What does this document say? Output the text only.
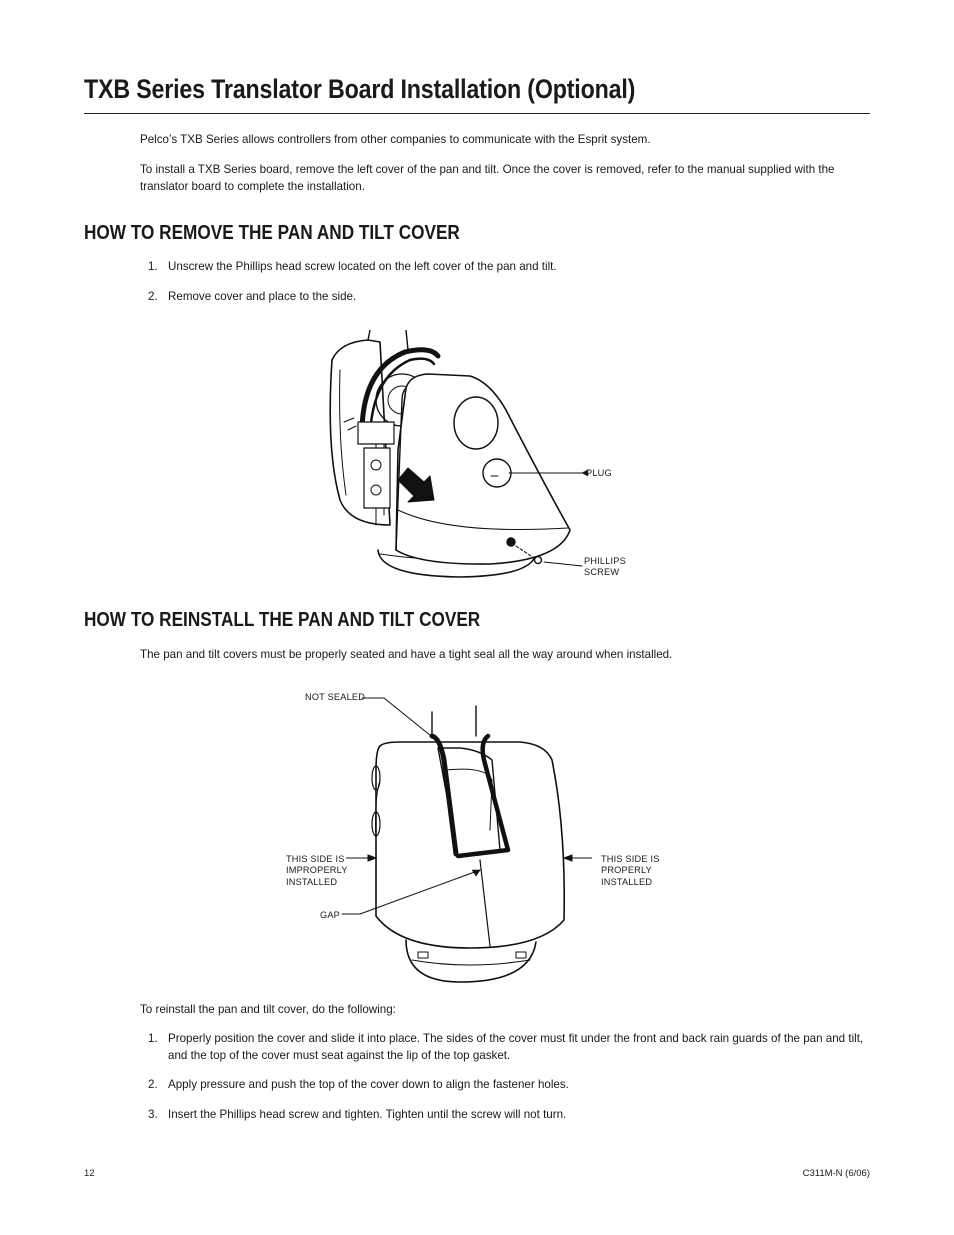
TXB Series Translator Board Installation (Optional)

Pelco’s TXB Series allows controllers from other companies to communicate with the Esprit system.

To install a TXB Series board, remove the left cover of the pan and tilt. Once the cover is removed, refer to the manual supplied with the translator board to complete the installation.

HOW TO REMOVE THE PAN AND TILT COVER
1. Unscrew the Phillips head screw located on the left cover of the pan and tilt.
2. Remove cover and place to the side.
PLUG
PHILLIPS
SCREW
HOW TO REINSTALL THE PAN AND TILT COVER

The pan and tilt covers must be properly seated and have a tight seal all the way around when installed.

NOT SEALED
THIS SIDE IS
IMPROPERLY
INSTALLED
THIS SIDE IS
PROPERLY
INSTALLED
GAP

To reinstall the pan and tilt cover, do the following:

1. Properly position the cover and slide it into place. The sides of the cover must fit under the front and back rain guards of the pan and tilt, and the top of the cover must seat against the lip of the top gasket.
2. Apply pressure and push the top of the cover down to align the fastener holes.
3. Insert the Phillips head screw and tighten. Tighten until the screw will not turn.
12	C311M-N (6/06)
